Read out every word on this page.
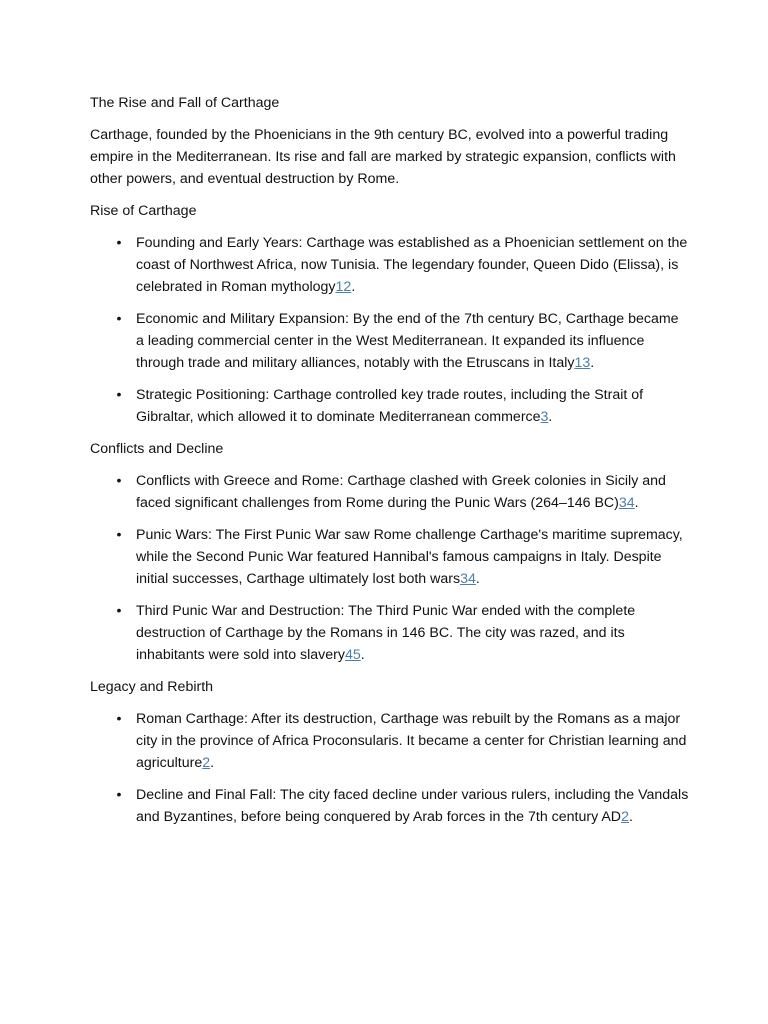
The Rise and Fall of Carthage

Carthage, founded by the Phoenicians in the 9th century BC, evolved into a powerful trading empire in the Mediterranean. Its rise and fall are marked by strategic expansion, conflicts with other powers, and eventual destruction by Rome.

Rise of Carthage

• Founding and Early Years: Carthage was established as a Phoenician settlement on the coast of Northwest Africa, now Tunisia. The legendary founder, Queen Dido (Elissa), is celebrated in Roman mythology12.
• Economic and Military Expansion: By the end of the 7th century BC, Carthage became a leading commercial center in the West Mediterranean. It expanded its influence through trade and military alliances, notably with the Etruscans in Italy13.
• Strategic Positioning: Carthage controlled key trade routes, including the Strait of Gibraltar, which allowed it to dominate Mediterranean commerce3.

Conflicts and Decline

• Conflicts with Greece and Rome: Carthage clashed with Greek colonies in Sicily and faced significant challenges from Rome during the Punic Wars (264–146 BC)34.
• Punic Wars: The First Punic War saw Rome challenge Carthage's maritime supremacy, while the Second Punic War featured Hannibal's famous campaigns in Italy. Despite initial successes, Carthage ultimately lost both wars34.
• Third Punic War and Destruction: The Third Punic War ended with the complete destruction of Carthage by the Romans in 146 BC. The city was razed, and its inhabitants were sold into slavery45.

Legacy and Rebirth

• Roman Carthage: After its destruction, Carthage was rebuilt by the Romans as a major city in the province of Africa Proconsularis. It became a center for Christian learning and agriculture2.
• Decline and Final Fall: The city faced decline under various rulers, including the Vandals and Byzantines, before being conquered by Arab forces in the 7th century AD2.
